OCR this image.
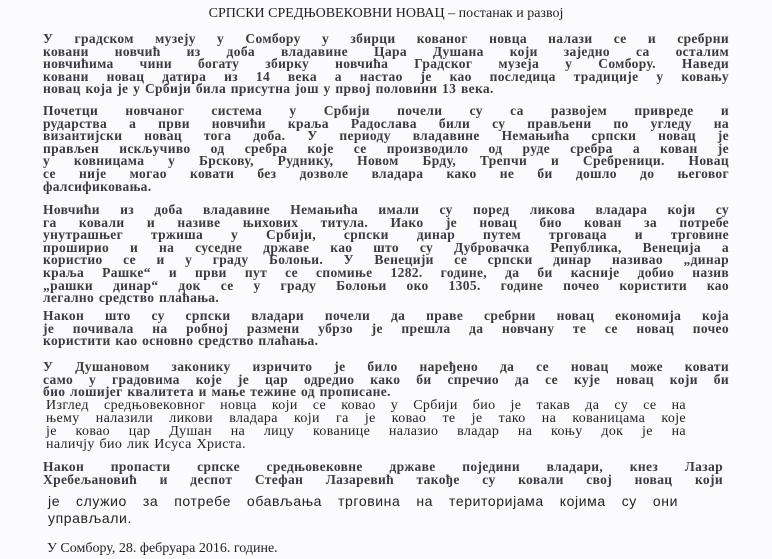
СРПСКИ СРЕДЊОВЕКОВНИ НОВАЦ – постанак и развој
У градском музеју у Сомбору у збирци кованог новца налази се и сребрни
ковани новчић из доба владавине Цара Душана који заједно са осталим
новчићима чини богату збирку новчића Градског музеја у Сомбору. Наведи
ковани новац датира из 14 века а настао је као последица традиције у ковању
новац која је у Србији била присутна још у првој половини 13 века.
Почетци новчаног система у Србији почели су са развојем привреде и
рударства а први новчићи краља Радослава били су прављени по угледу на
византијски новац тога доба. У периоду владавине Немањића српски новац је
прављен искључиво од сребра које се производило од руде сребра а кован је
у ковницама у Брскову, Руднику, Новом Брду, Трепчи и Сребреници. Новац
се није могао ковати без дозволе владара како не би дошло до његовог
фалсификовања.
Новчићи из доба владавине Немањића имали су поред ликова владара који су
га ковали и називе њихових титула. Иако је новац био кован за потребе
унутрашњег тржиша у Србији, српски динар путем трговаца и трговине
проширио и на суседне државе као што су Дубровачка Република, Венеција а
користио се и у граду Болоњи. У Венецији се српски динар називао „динар
краља Рашке“ и први пут се спомиње 1282. године, да би касније добио назив
„рашки динар“ док се у граду Болоњи око 1305. године почео користити као
легално средство плаћања.
Након што су српски владари почели да праве сребрни новац економија која
је почивала на робној размени убрзо је прешла да новчану те се новац почео
користити као основно средство плаћања.
У Душановом законику изричито је било наређено да се новац може ковати
само у градовима које је цар одредио како би спречио да се кује новац који би
био лошијег квалитета и мање тежине од прописане.
Изглед средњовековног новца који се ковао у Србији био је такав да су се на
њему налазили ликови владара који га је ковао те је тако на кованицама које
је ковао цар Душан на лицу кованице налазио владар на коњу док је на
наличју био лик Исуса Христа.
Након пропасти српске средњовековне државе поједини владари, кнез Лазар
Хребељановић и деспот Стефан Лазаревић такође су ковали свој новац који
је служио за потребе обављања трговина на територијама којима су они
управљали.
У Сомбору, 28. фебруара 2016. године.
